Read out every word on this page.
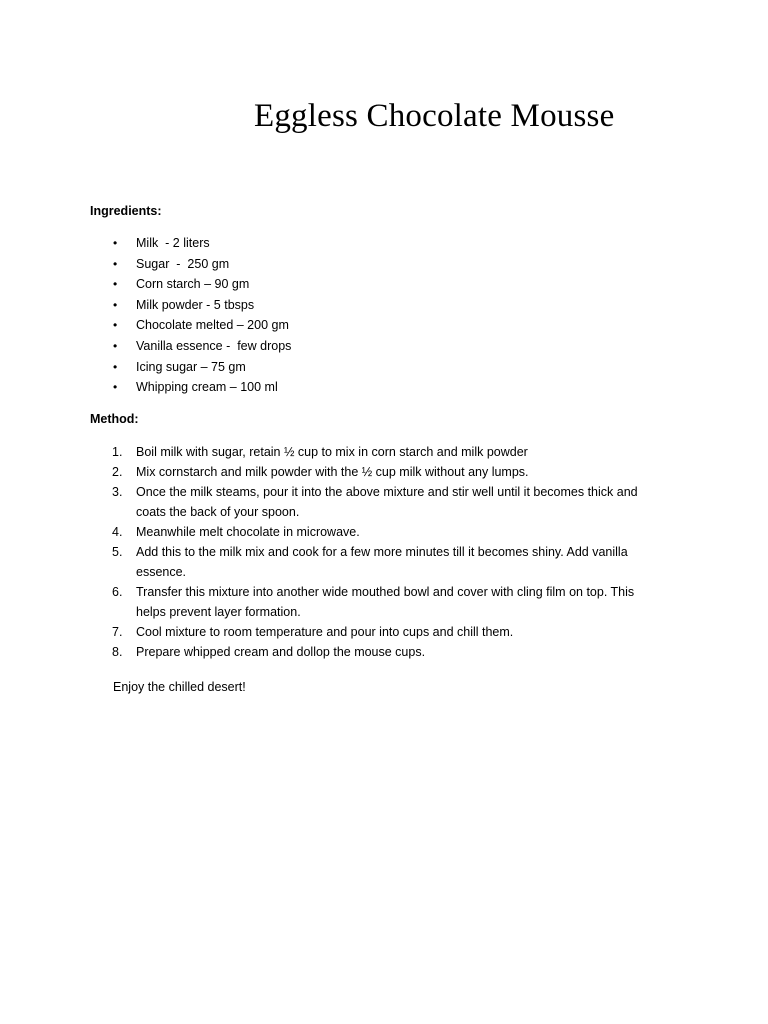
Eggless Chocolate Mousse
Ingredients:
• Milk  - 2 liters
• Sugar  -  250 gm
• Corn starch – 90 gm
• Milk powder - 5 tbsps
• Chocolate melted – 200 gm
• Vanilla essence -  few drops
• Icing sugar – 75 gm
• Whipping cream – 100 ml
Method:
1. Boil milk with sugar, retain ½ cup to mix in corn starch and milk powder
2. Mix cornstarch and milk powder with the ½ cup milk without any lumps.
3. Once the milk steams, pour it into the above mixture and stir well until it becomes thick and coats the back of your spoon.
4. Meanwhile melt chocolate in microwave.
5. Add this to the milk mix and cook for a few more minutes till it becomes shiny. Add vanilla essence.
6. Transfer this mixture into another wide mouthed bowl and cover with cling film on top. This helps prevent layer formation.
7. Cool mixture to room temperature and pour into cups and chill them.
8. Prepare whipped cream and dollop the mouse cups.
Enjoy the chilled desert!
